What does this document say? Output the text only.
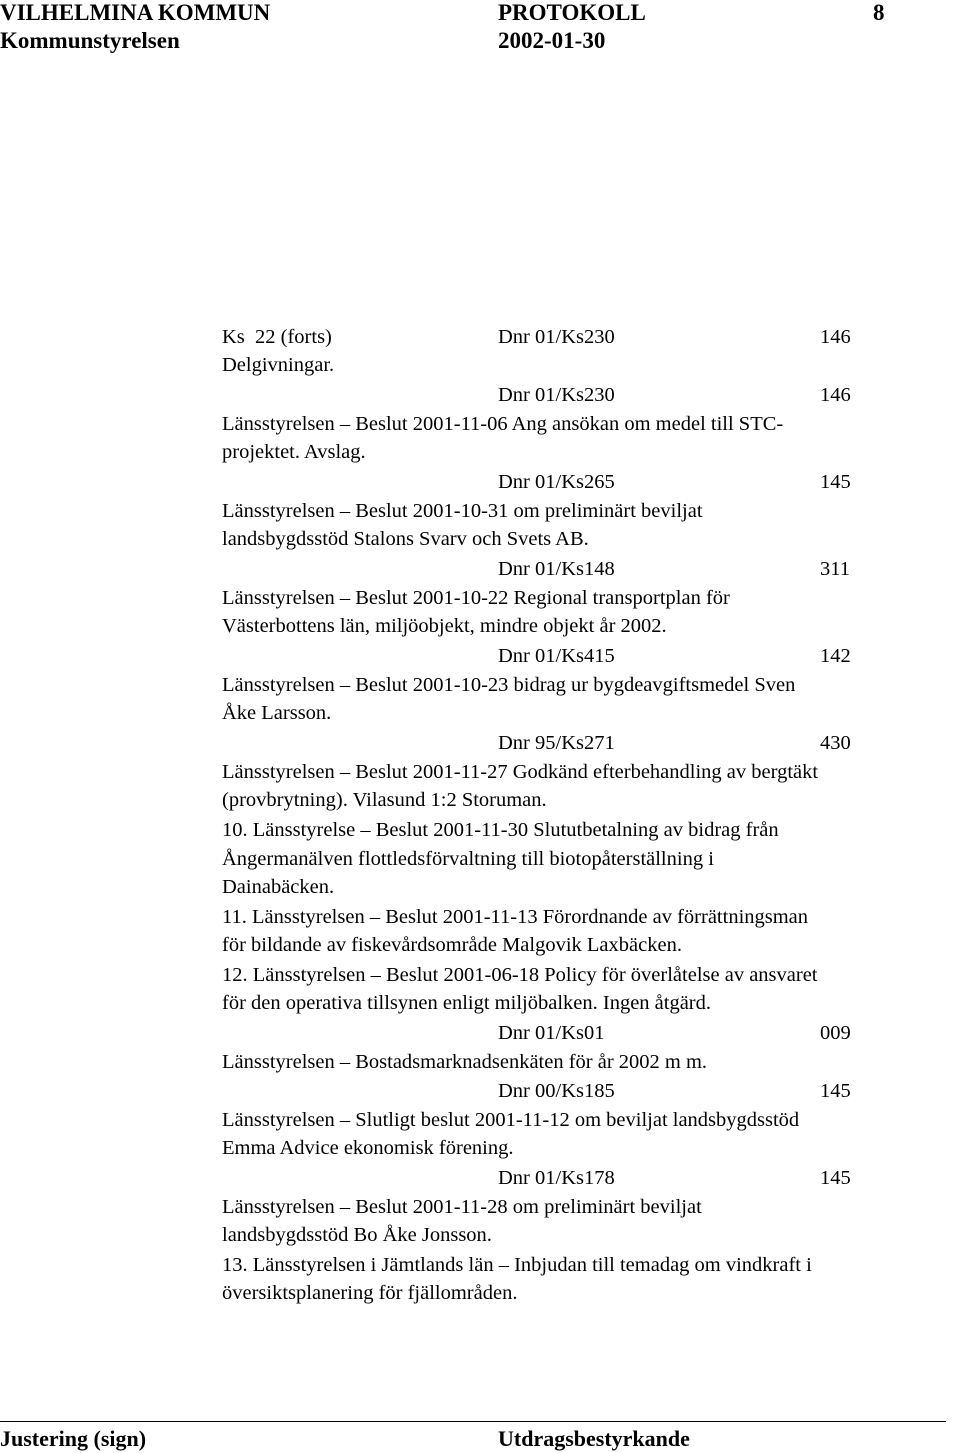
VILHELMINA KOMMUN	PROTOKOLL	8
Kommunstyrelsen	2002-01-30
Ks  22 (forts)	Dnr 01/Ks230	146
Delgivningar.
Dnr 01/Ks230	146
Länsstyrelsen – Beslut 2001-11-06 Ang ansökan om medel till STC-
projektet. Avslag.
Dnr 01/Ks265	145
Länsstyrelsen – Beslut 2001-10-31 om preliminärt beviljat
landsbygdsstöd Stalons Svarv och Svets AB.
Dnr 01/Ks148	311
Länsstyrelsen – Beslut 2001-10-22 Regional transportplan för
Västerbottens län, miljöobjekt, mindre objekt år 2002.
Dnr 01/Ks415	142
Länsstyrelsen – Beslut 2001-10-23 bidrag ur bygdeavgiftsmedel Sven
Åke Larsson.
Dnr 95/Ks271	430
Länsstyrelsen – Beslut 2001-11-27 Godkänd efterbehandling av bergtäkt
(provbrytning). Vilasund 1:2 Storuman.
10. Länsstyrelse – Beslut 2001-11-30 Slututbetalning av bidrag från
Ångermanälven flottledsförvaltning till biotopåterställning i
Dainabäcken.
11. Länsstyrelsen – Beslut 2001-11-13 Förordnande av förrättningsman
för bildande av fiskevårdsområde Malgovik Laxbäcken.
12. Länsstyrelsen – Beslut 2001-06-18 Policy för överlåtelse av ansvaret
för den operativa tillsynen enligt miljöbalken. Ingen åtgärd.
Dnr 01/Ks01	009
Länsstyrelsen – Bostadsmarknadsenkäten för år 2002 m m.
Dnr 00/Ks185	145
Länsstyrelsen – Slutligt beslut 2001-11-12 om beviljat landsbygdsstöd
Emma Advice ekonomisk förening.
Dnr 01/Ks178	145
Länsstyrelsen – Beslut 2001-11-28 om preliminärt beviljat
landsbygdsstöd Bo Åke Jonsson.
13. Länsstyrelsen i Jämtlands län – Inbjudan till temadag om vindkraft i
översiktsplanering för fjällområden.
Justering (sign)	Utdragsbestyrkande
